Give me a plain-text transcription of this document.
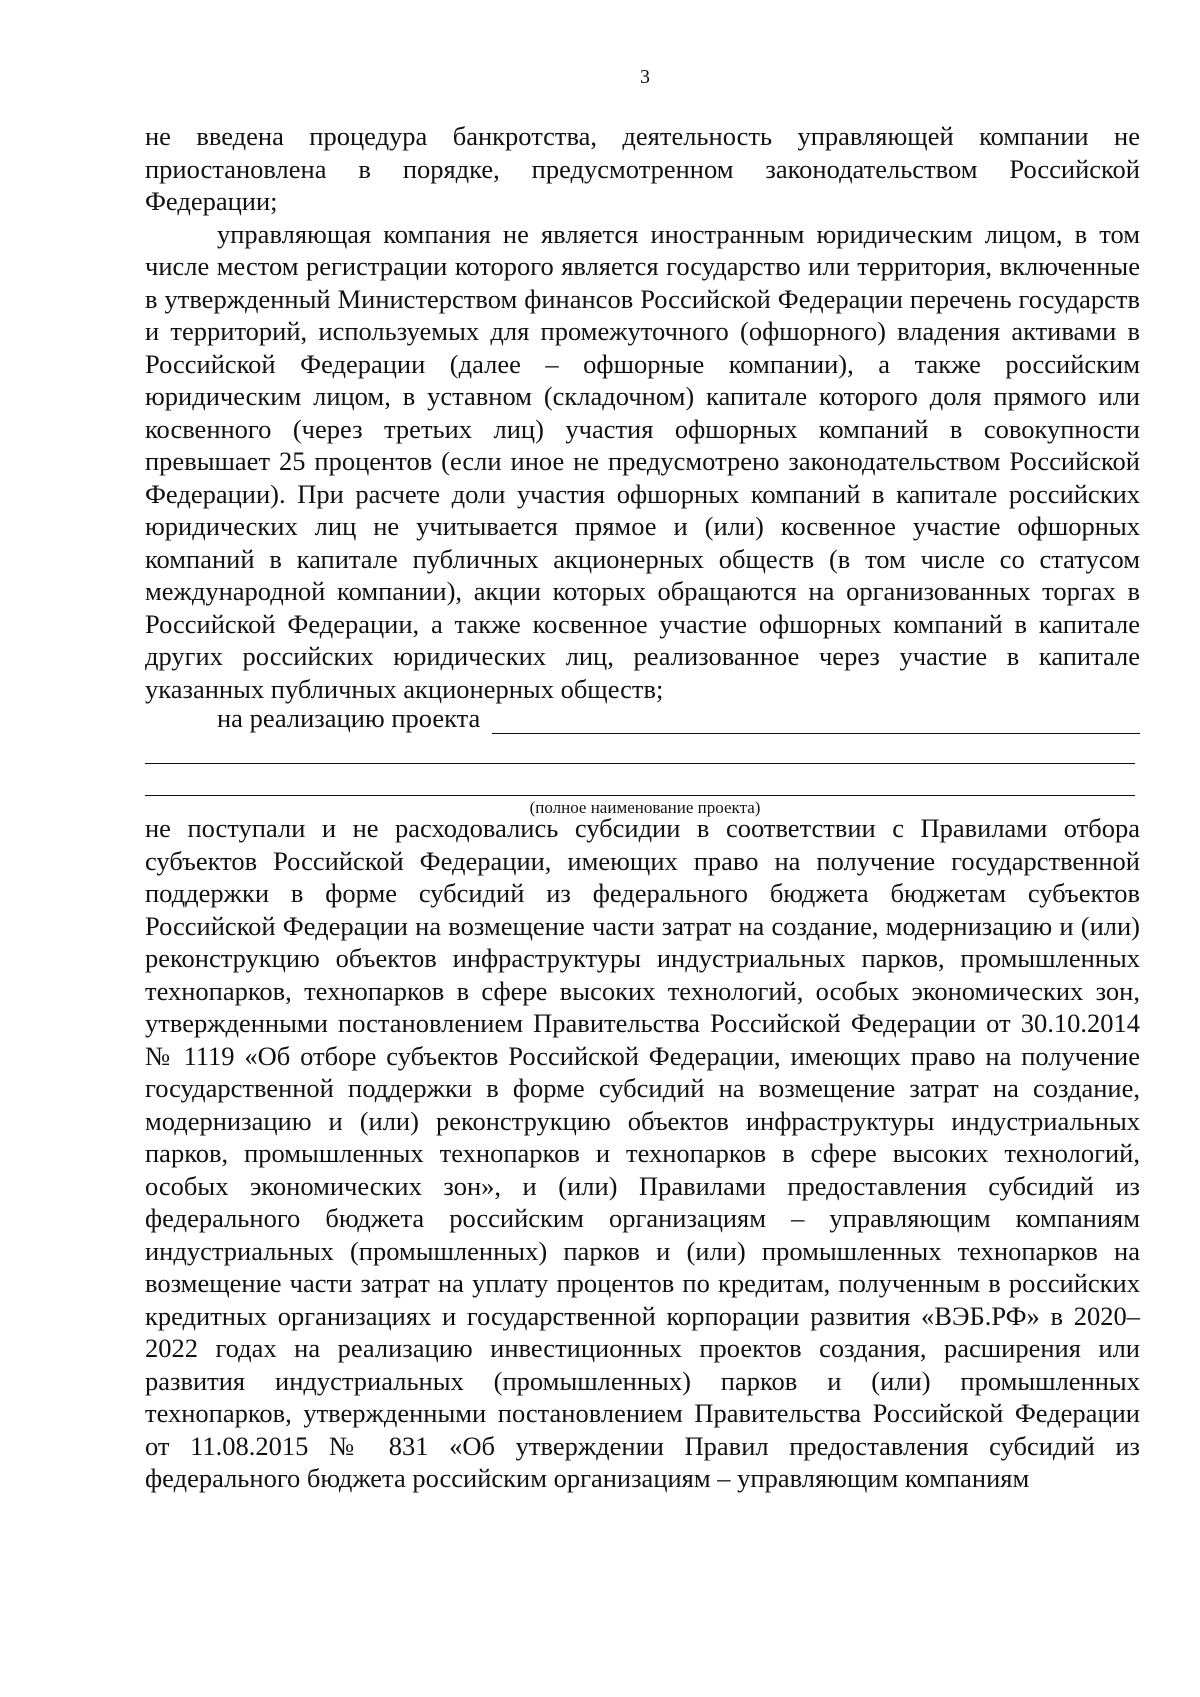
3

не введена процедура банкротства, деятельность управляющей компании не приостановлена в порядке, предусмотренном законодательством Российской Федерации;

управляющая компания не является иностранным юридическим лицом, в том числе местом регистрации которого является государство или территория, включенные в утвержденный Министерством финансов Российской Федерации перечень государств и территорий, используемых для промежуточного (офшорного) владения активами в Российской Федерации (далее – офшорные компании), а также российским юридическим лицом, в уставном (складочном) капитале которого доля прямого или косвенного (через третьих лиц) участия офшорных компаний в совокупности превышает 25 процентов (если иное не предусмотрено законодательством Российской Федерации). При расчете доли участия офшорных компаний в капитале российских юридических лиц не учитывается прямое и (или) косвенное участие офшорных компаний в капитале публичных акционерных обществ (в том числе со статусом международной компании), акции которых обращаются на организованных торгах в Российской Федерации, а также косвенное участие офшорных компаний в капитале других российских юридических лиц, реализованное через участие в капитале указанных публичных акционерных обществ;

на реализацию проекта
(полное наименование проекта)

не поступали и не расходовались субсидии в соответствии с Правилами отбора субъектов Российской Федерации, имеющих право на получение государственной поддержки в форме субсидий из федерального бюджета бюджетам субъектов Российской Федерации на возмещение части затрат на создание, модернизацию и (или) реконструкцию объектов инфраструктуры индустриальных парков, промышленных технопарков, технопарков в сфере высоких технологий, особых экономических зон, утвержденными постановлением Правительства Российской Федерации от 30.10.2014 № 1119 «Об отборе субъектов Российской Федерации, имеющих право на получение государственной поддержки в форме субсидий на возмещение затрат на создание, модернизацию и (или) реконструкцию объектов инфраструктуры индустриальных парков, промышленных технопарков и технопарков в сфере высоких технологий, особых экономических зон», и (или) Правилами предоставления субсидий из федерального бюджета российским организациям – управляющим компаниям индустриальных (промышленных) парков и (или) промышленных технопарков на возмещение части затрат на уплату процентов по кредитам, полученным в российских кредитных организациях и государственной корпорации развития «ВЭБ.РФ» в 2020–2022 годах на реализацию инвестиционных проектов создания, расширения или развития индустриальных (промышленных) парков и (или) промышленных технопарков, утвержденными постановлением Правительства Российской Федерации от 11.08.2015 № 831 «Об утверждении Правил предоставления субсидий из федерального бюджета российским организациям – управляющим компаниям
